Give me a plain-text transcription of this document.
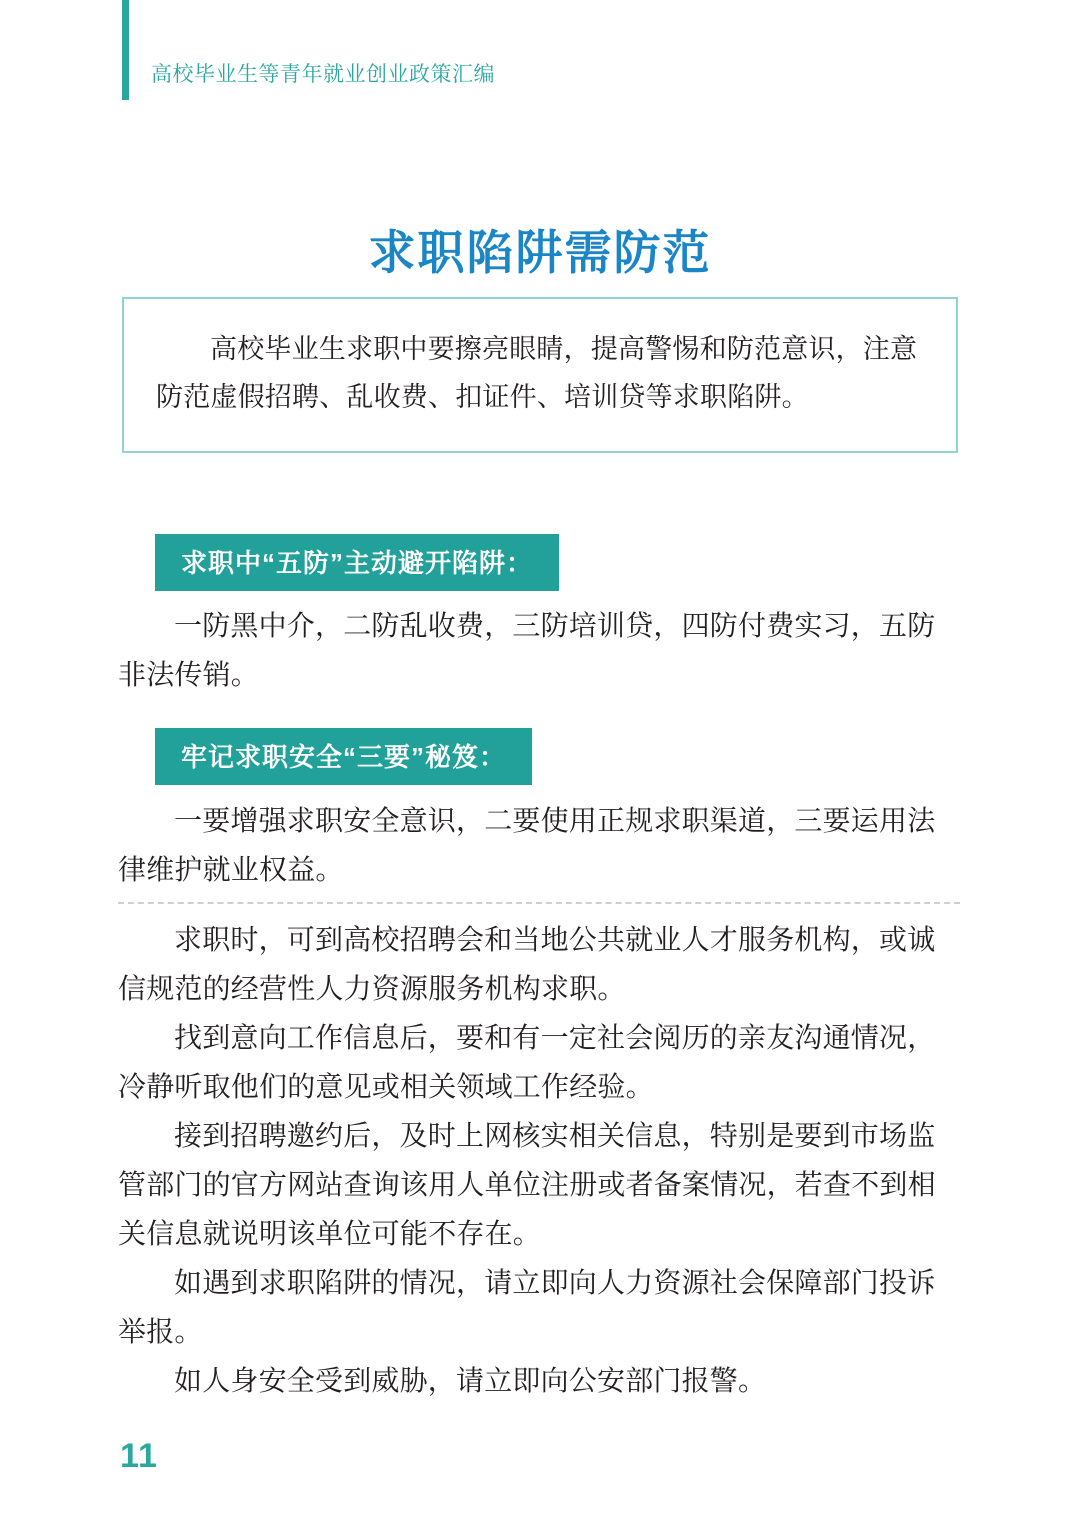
高校毕业生等青年就业创业政策汇编
求职陷阱需防范

高校毕业生求职中要擦亮眼睛，提高警惕和防范意识，注意防范虚假招聘、乱收费、扣证件、培训贷等求职陷阱。

求职中“五防”主动避开陷阱：
一防黑中介，二防乱收费，三防培训贷，四防付费实习，五防非法传销。
牢记求职安全“三要”秘笈：
一要增强求职安全意识，二要使用正规求职渠道，三要运用法律维护就业权益。
求职时，可到高校招聘会和当地公共就业人才服务机构，或诚信规范的经营性人力资源服务机构求职。
找到意向工作信息后，要和有一定社会阅历的亲友沟通情况，冷静听取他们的意见或相关领域工作经验。
接到招聘邀约后，及时上网核实相关信息，特别是要到市场监管部门的官方网站查询该用人单位注册或者备案情况，若查不到相关信息就说明该单位可能不存在。
如遇到求职陷阱的情况，请立即向人力资源社会保障部门投诉举报。
如人身安全受到威胁，请立即向公安部门报警。
11
